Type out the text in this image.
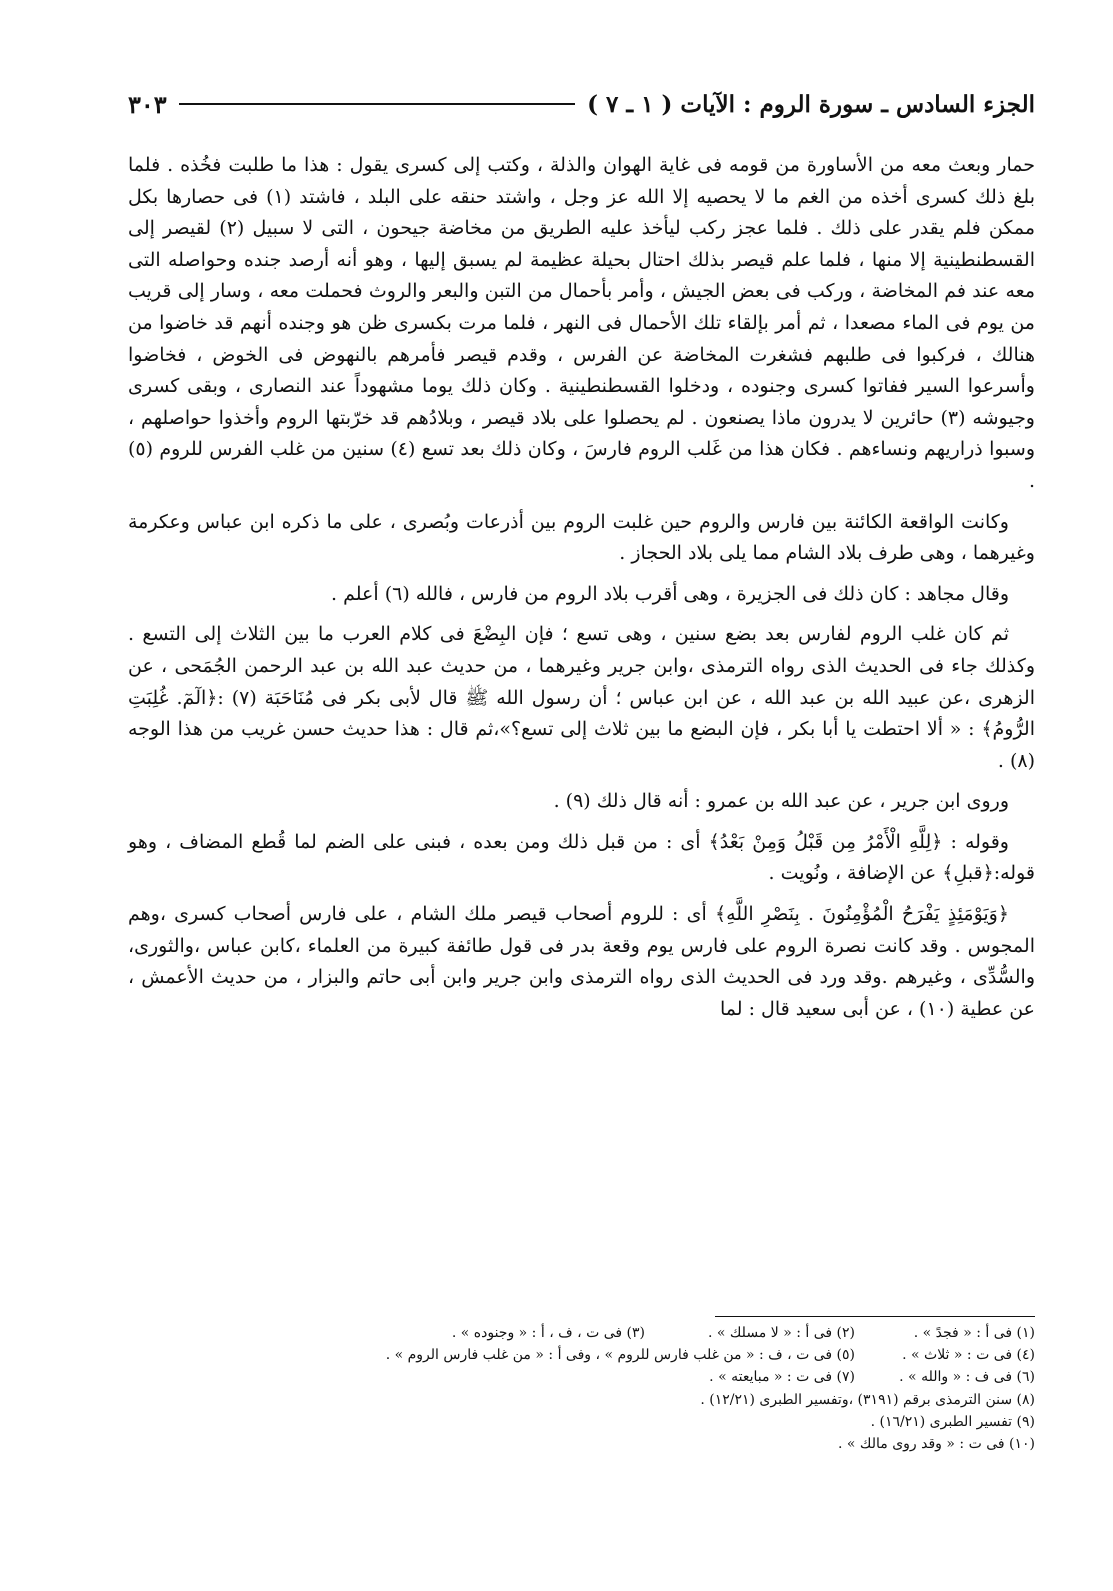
الجزء السادس ـ سورة الروم : الآيات ( ١ ـ ٧ )
٣٠٣

حمار وبعث معه من الأساورة من قومه فى غاية الهوان والذلة ، وكتب إلى كسرى يقول : هذا ما طلبت فخُذه . فلما بلغ ذلك كسرى أخذه من الغم ما لا يحصيه إلا الله عز وجل ، واشتد حنقه على البلد ، فاشتد (١) فى حصارها بكل ممكن فلم يقدر على ذلك . فلما عجز ركب ليأخذ عليه الطريق من مخاضة جيحون ، التى لا سبيل (٢) لقيصر إلى القسطنطينية إلا منها ، فلما علم قيصر بذلك احتال بحيلة عظيمة لم يسبق إليها ، وهو أنه أرصد جنده وحواصله التى معه عند فم المخاضة ، وركب فى بعض الجيش ، وأمر بأحمال من التبن والبعر والروث فحملت معه ، وسار إلى قريب من يوم فى الماء مصعدا ، ثم أمر بإلقاء تلك الأحمال فى النهر ، فلما مرت بكسرى ظن هو وجنده أنهم قد خاضوا من هنالك ، فركبوا فى طلبهم فشغرت المخاضة عن الفرس ، وقدم قيصر فأمرهم بالنهوض فى الخوض ، فخاضوا وأسرعوا السير ففاتوا كسرى وجنوده ، ودخلوا القسطنطينية . وكان ذلك يوما مشهوداً عند النصارى ، وبقى كسرى وجيوشه (٣) حائرين لا يدرون ماذا يصنعون . لم يحصلوا على بلاد قيصر ، وبلادُهم قد خرّبتها الروم وأخذوا حواصلهم ، وسبوا ذراريهم ونساءهم . فكان هذا من غَلب الروم فارسَ ، وكان ذلك بعد تسع (٤) سنين من غلب الفرس للروم (٥) .

وكانت الواقعة الكائنة بين فارس والروم حين غلبت الروم بين أذرعات وبُصرى ، على ما ذكره ابن عباس وعكرمة وغيرهما ، وهى طرف بلاد الشام مما يلى بلاد الحجاز .

وقال مجاهد : كان ذلك فى الجزيرة ، وهى أقرب بلاد الروم من فارس ، فالله (٦) أعلم .

ثم كان غلب الروم لفارس بعد بضع سنين ، وهى تسع ؛ فإن البِضْعَ فى كلام العرب ما بين الثلاث إلى التسع . وكذلك جاء فى الحديث الذى رواه الترمذى ،وابن جرير وغيرهما ، من حديث عبد الله بن عبد الرحمن الجُمَحى ، عن الزهرى ،عن عبيد الله بن عبد الله ، عن ابن عباس ؛ أن رسول الله ﷺ قال لأبى بكر فى مُنَاحَبَة (٧) :﴿الٓمٓ. غُلِبَتِ الرُّومُ﴾ : « ألا احتطت يا أبا بكر ، فإن البضع ما بين ثلاث إلى تسع؟»،ثم قال : هذا حديث حسن غريب من هذا الوجه (٨) .

وروى ابن جرير ، عن عبد الله بن عمرو : أنه قال ذلك (٩) .

وقوله : ﴿لِلَّهِ الْأَمْرُ مِن قَبْلُ وَمِنْ بَعْدُ﴾ أى : من قبل ذلك ومن بعده ، فبنى على الضم لما قُطع المضاف ، وهو قوله:﴿قبلِ﴾ عن الإضافة ، ونُويت .

﴿وَيَوْمَئِذٍ يَفْرَحُ الْمُؤْمِنُونَ . بِنَصْرِ اللَّهِ﴾ أى : للروم أصحاب قيصر ملك الشام ، على فارس أصحاب كسرى ،وهم المجوس . وقد كانت نصرة الروم على فارس يوم وقعة بدر فى قول طائفة كبيرة من العلماء ،كابن عباس ،والثورى، والسُّدِّى ، وغيرهم .وقد ورد فى الحديث الذى رواه الترمذى وابن جرير وابن أبى حاتم والبزار ، من حديث الأعمش ، عن عطية (١٠) ، عن أبى سعيد قال : لما

(١) فى أ : « فجدً » .
(٢) فى أ : « لا مسلك » .
(٣) فى ت ، ف ، أ : « وجنوده » .
(٤) فى ت : « ثلاث » .
(٥) فى ت ، ف : « من غلب فارس للروم » ، وفى أ : « من غلب فارس الروم » .
(٦) فى ف : « والله » .
(٧) فى ت : « مبايعته » .
(٨) سنن الترمذى برقم (٣١٩١) ،وتفسير الطبرى (١٢/٢١) .
(٩) تفسير الطبرى (١٦/٢١) .
(١٠) فى ت : « وقد روى مالك » .
